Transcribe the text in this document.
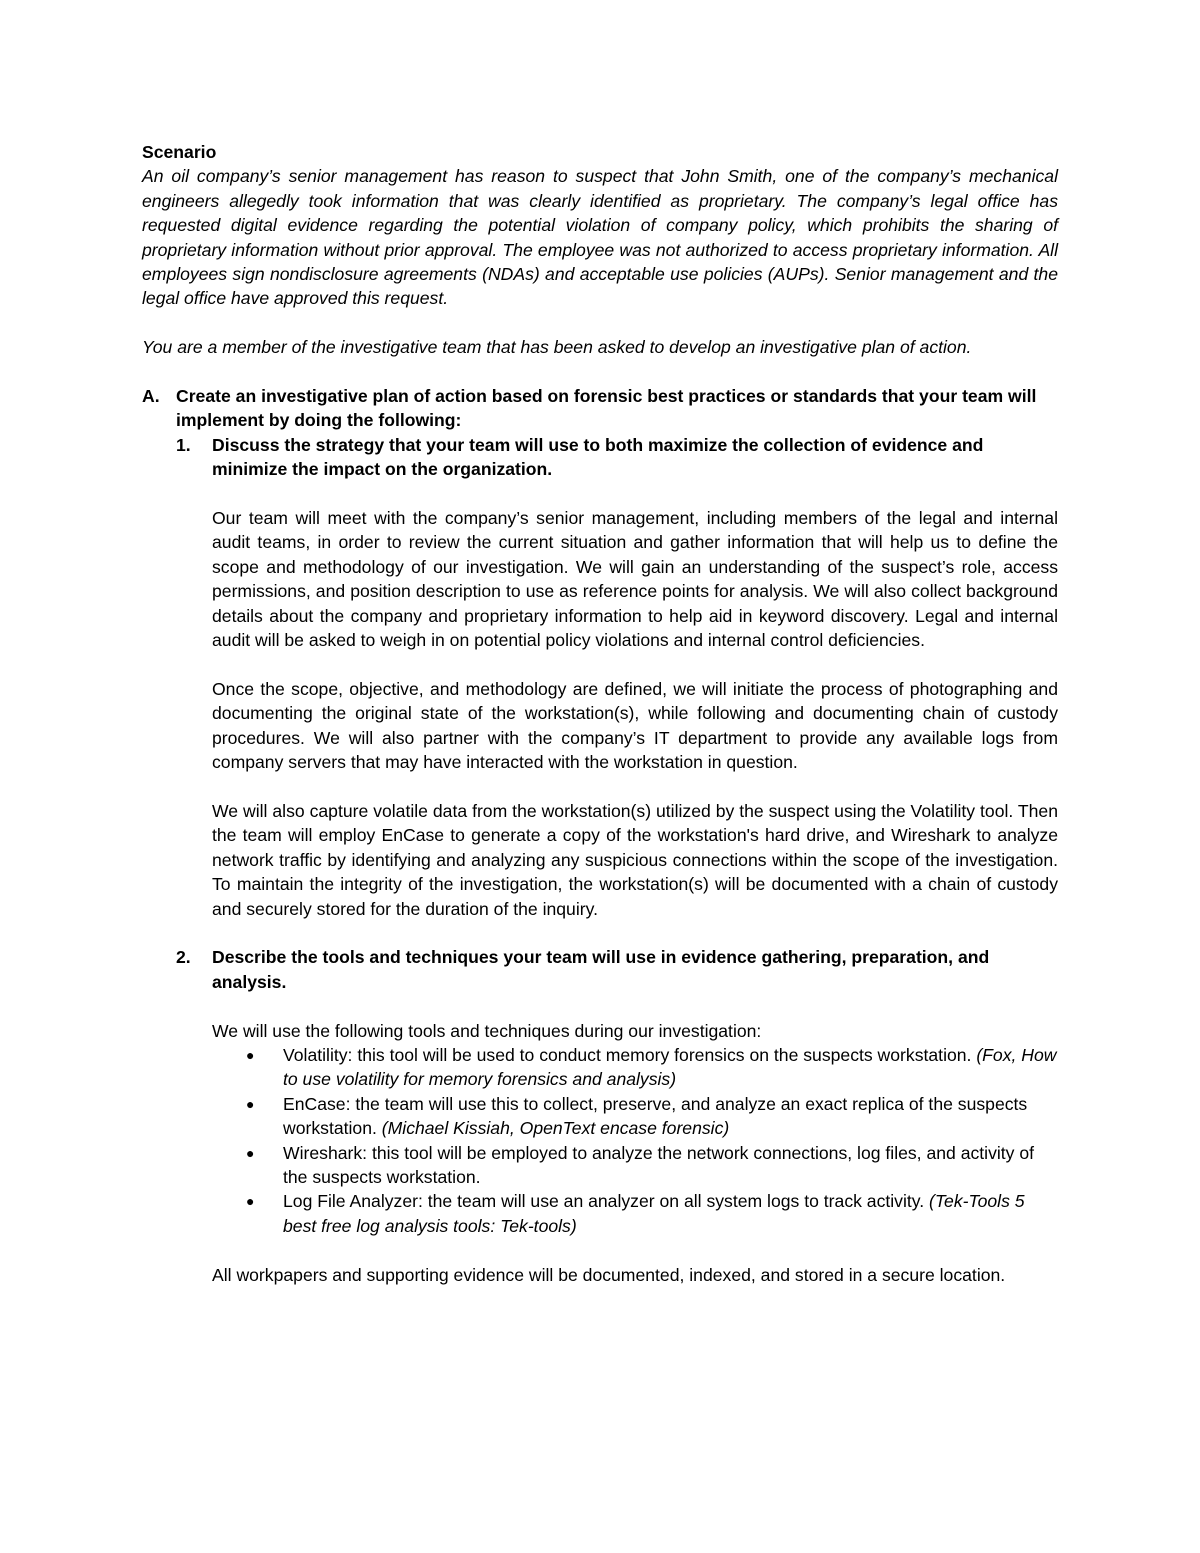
Scenario

An oil company’s senior management has reason to suspect that John Smith, one of the company’s mechanical engineers allegedly took information that was clearly identified as proprietary. The company’s legal office has requested digital evidence regarding the potential violation of company policy, which prohibits the sharing of proprietary information without prior approval. The employee was not authorized to access proprietary information. All employees sign nondisclosure agreements (NDAs) and acceptable use policies (AUPs). Senior management and the legal office have approved this request.

You are a member of the investigative team that has been asked to develop an investigative plan of action.

A. Create an investigative plan of action based on forensic best practices or standards that your team will implement by doing the following:
1.	Discuss the strategy that your team will use to both maximize the collection of evidence and minimize the impact on the organization.

Our team will meet with the company’s senior management, including members of the legal and internal audit teams, in order to review the current situation and gather information that will help us to define the scope and methodology of our investigation. We will gain an understanding of the suspect’s role, access permissions, and position description to use as reference points for analysis. We will also collect background details about the company and proprietary information to help aid in keyword discovery. Legal and internal audit will be asked to weigh in on potential policy violations and internal control deficiencies.

Once the scope, objective, and methodology are defined, we will initiate the process of photographing and documenting the original state of the workstation(s), while following and documenting chain of custody procedures. We will also partner with the company’s IT department to provide any available logs from company servers that may have interacted with the workstation in question.

We will also capture volatile data from the workstation(s) utilized by the suspect using the Volatility tool. Then the team will employ EnCase to generate a copy of the workstation's hard drive, and Wireshark to analyze network traffic by identifying and analyzing any suspicious connections within the scope of the investigation. To maintain the integrity of the investigation, the workstation(s) will be documented with a chain of custody and securely stored for the duration of the inquiry.

2.	Describe the tools and techniques your team will use in evidence gathering, preparation, and analysis.

We will use the following tools and techniques during our investigation:

●	Volatility: this tool will be used to conduct memory forensics on the suspects workstation. (Fox, How to use volatility for memory forensics and analysis)
●	EnCase: the team will use this to collect, preserve, and analyze an exact replica of the suspects workstation. (Michael Kissiah, OpenText encase forensic)
●	Wireshark: this tool will be employed to analyze the network connections, log files, and activity of the suspects workstation.
●	Log File Analyzer: the team will use an analyzer on all system logs to track activity. (Tek-Tools 5 best free log analysis tools: Tek-tools)

All workpapers and supporting evidence will be documented, indexed, and stored in a secure location.
